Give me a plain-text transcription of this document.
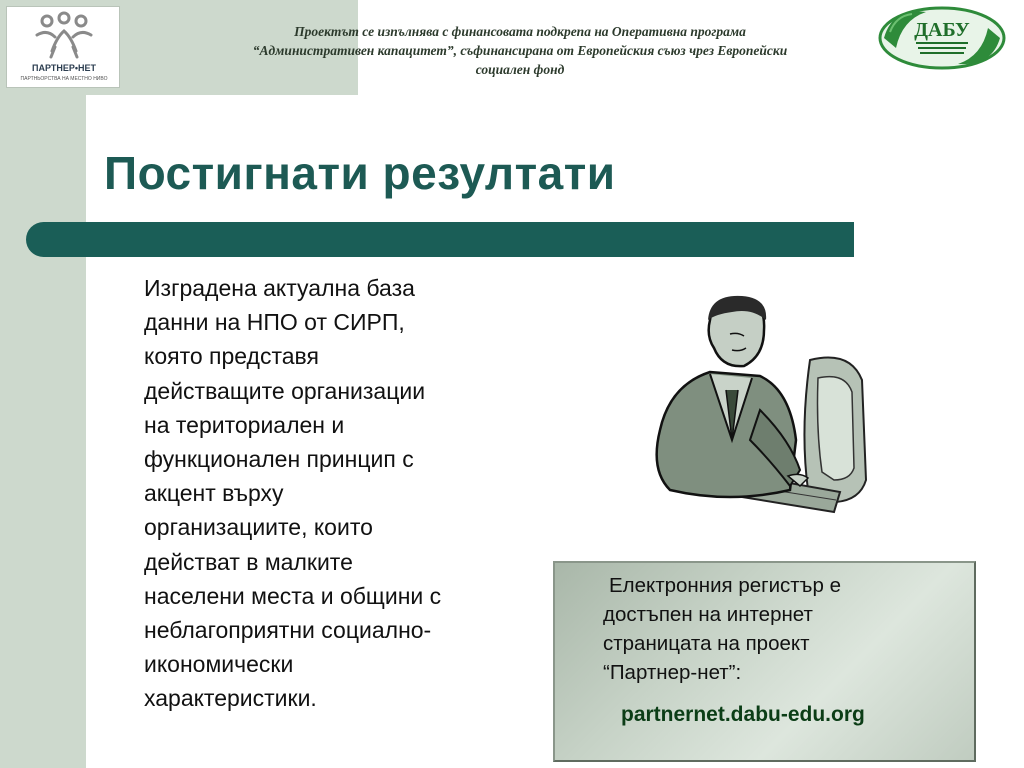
ПАРТНЕР•НЕТ
ПАРТНЬОРСТВА НА МЕСТНО НИВО
Проектът се изпълнява с финансовата подкрепа на Оперативна програма
“Административен капацитет”, съфинансирана от Европейския съюз чрез Европейски
социален фонд
ДАБУ
Постигнати резултати
Изградена актуална база
данни на НПО от СИРП,
която представя
действащите организации
на териториален и
функционален принцип с
акцент върху
организациите, които
действат в малките
населени места и общини с
неблагоприятни социално-
икономически
характеристики.
Електронния регистър е
достъпен на интернет
страницата на проект
“Партнер-нет”:
partnernet.dabu-edu.org
